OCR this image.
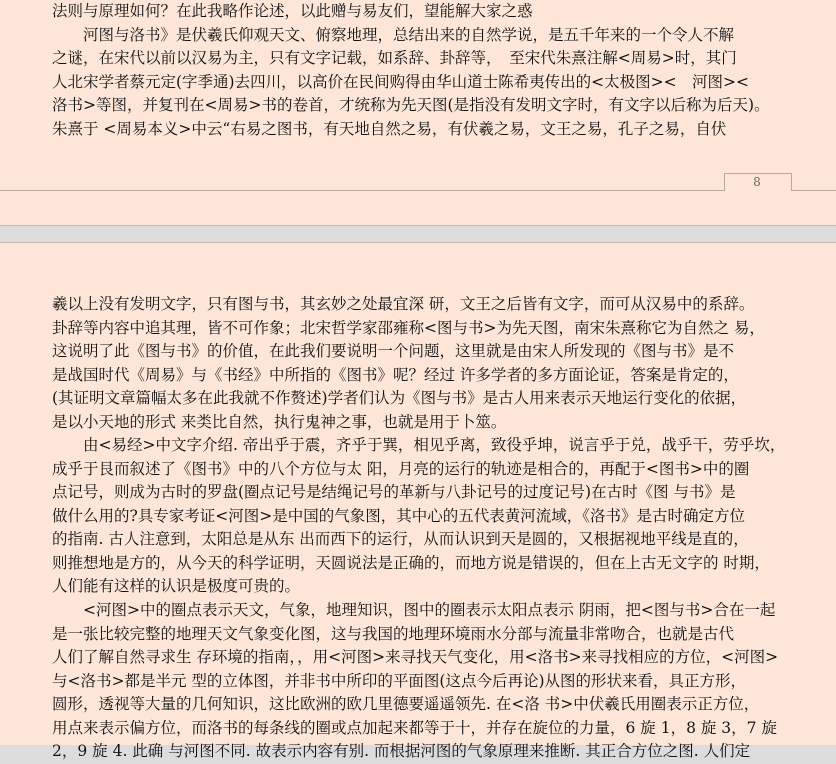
法则与原理如何？在此我略作论述，以此赠与易友们，望能解大家之惑
　　河图与洛书》是伏羲氏仰观天文、俯察地理，总结出来的自然学说，是五千年来的一个令人不解
之谜，在宋代以前以汉易为主，只有文字记载，如系辞、卦辞等，　至宋代朱熹注解<周易>时，其门
人北宋学者蔡元定(字季通)去四川，以高价在民间购得由华山道士陈希夷传出的<太极图><　河图><
洛书>等图，并复刊在<周易>书的卷首，才统称为先天图(是指没有发明文字时，有文字以后称为后天)。
朱熹于 <周易本义>中云“右易之图书，有天地自然之易，有伏羲之易，文王之易，孔子之易，自伏
8
羲以上没有发明文字，只有图与书，其玄妙之处最宜深 研，文王之后皆有文字，而可从汉易中的系辞。
卦辞等内容中追其理，皆不可作象；北宋哲学家邵雍称<图与书>为先天图，南宋朱熹称它为自然之 易，
这说明了此《图与书》的价值，在此我们要说明一个问题，这里就是由宋人所发现的《图与书》是不
是战国时代《周易》与《书经》中所指的《图书》呢？经过 许多学者的多方面论证，答案是肯定的，
(其证明文章篇幅太多在此我就不作赘述)学者们认为《图与书》是古人用来表示天地运行变化的依据，
是以小天地的形式 来类比自然，执行鬼神之事，也就是用于卜筮。
　　由<易经>中文字介绍. 帝出乎于震，齐乎于巽，相见乎离，致役乎坤，说言乎于兑，战乎干，劳乎坎，
成乎于艮而叙述了《图书》中的八个方位与太 阳，月亮的运行的轨迹是相合的，再配于<图书>中的圈
点记号，则成为古时的罗盘(圈点记号是结绳记号的革新与八卦记号的过度记号)在古时《图 与书》是
做什么用的?具专家考证<河图>是中国的气象图，其中心的五代表黄河流域，《洛书》是古时确定方位
的指南. 古人注意到，太阳总是从东 出而西下的运行，从而认识到天是圆的，又根据视地平线是直的，
则推想地是方的，从今天的科学证明，天圆说法是正确的，而地方说是错误的，但在上古无文字的 时期，
人们能有这样的认识是极度可贵的。
　　<河图>中的圈点表示天文，气象，地理知识，图中的圈表示太阳点表示 阴雨，把<图与书>合在一起
是一张比较完整的地理天文气象变化图，这与我国的地理环境雨水分部与流量非常吻合，也就是古代
人们了解自然寻求生 存环境的指南，，用<河图>来寻找天气变化，用<洛书>来寻找相应的方位，<河图>
与<洛书>都是半元 型的立体图，并非书中所印的平面图(这点今后再论)从图的形状来看，具正方形，
圆形，透视等大量的几何知识，这比欧洲的欧几里德要遥遥领先. 在<洛 书>中伏羲氏用圈表示正方位，
用点来表示偏方位，而洛书的每条线的圈或点加起来都等于十，并存在旋位的力量，6 旋 1，8 旋 3，7 旋
2，9 旋 4. 此确 与河图不同. 故表示内容有别. 而根据河图的气象原理来推断. 其正合方位之图. 人们定
